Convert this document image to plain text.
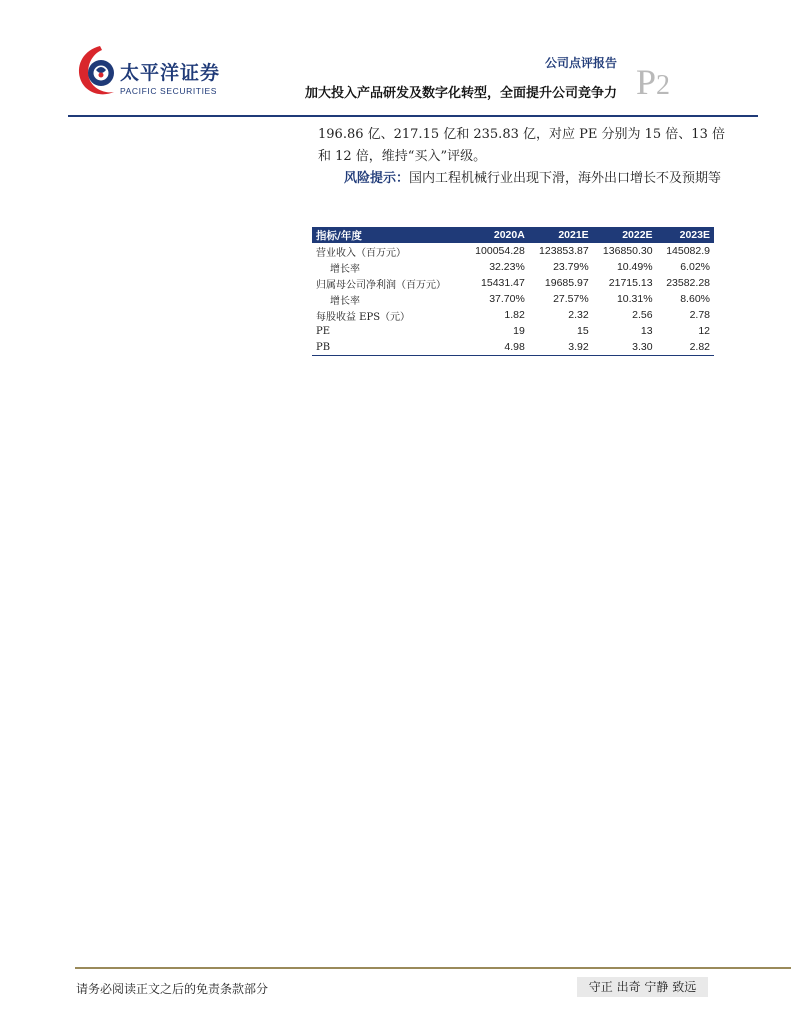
太平洋证券
PACIFIC SECURITIES
公司点评报告
加大投入产品研发及数字化转型，全面提升公司竞争力 P2

196.86 亿、217.15 亿和 235.83 亿，对应 PE 分别为 15 倍、13 倍和 12 倍，维持“买入”评级。

风险提示：国内工程机械行业出现下滑，海外出口增长不及预期等

指标/年度	2020A	2021E	2022E	2023E
营业收入（百万元）	100054.28	123853.87	136850.30	145082.9
增长率	32.23%	23.79%	10.49%	6.02%
归属母公司净利润（百万元）	15431.47	19685.97	21715.13	23582.28
增长率	37.70%	27.57%	10.31%	8.60%
每股收益 EPS（元）	1.82	2.32	2.56	2.78
PE	19	15	13	12
PB	4.98	3.92	3.30	2.82
请务必阅读正文之后的免责条款部分	守正 出奇 宁静 致远
